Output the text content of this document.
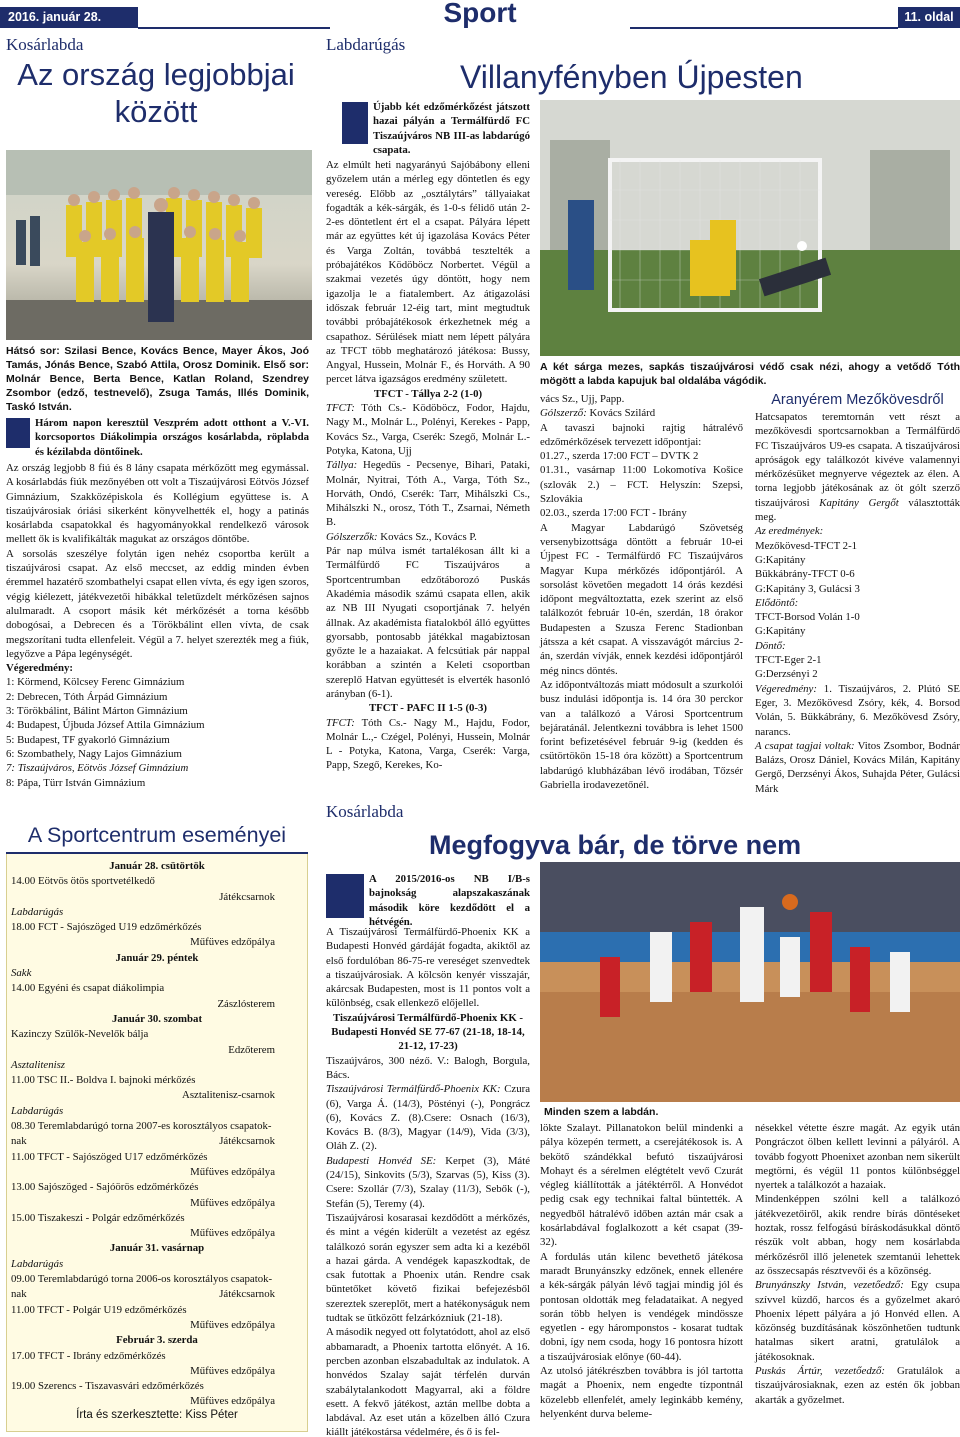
2016. január 28.	Sport	11. oldal
Kosárlabda
Az ország legjobbjai
között
Hátsó sor: Szilasi Bence, Kovács Bence, Mayer Ákos, Joó Tamás, Jónás Bence, Szabó Attila, Orosz Dominik. Első sor: Molnár Bence, Berta Bence, Katlan Roland, Szendrey Zsombor (edző, testnevelő), Zsuga Tamás, Illés Dominik, Taskó István.
Három napon keresztül Veszprém adott otthont a V.-VI. korcsoportos Diákolimpia országos kosárlabda, röplabda és kézilabda döntőinek.

Az ország legjobb 8 fiú és 8 lány csapata mérkőzött meg egymással. A kosárlabdás fiúk mezőnyében ott volt a Tiszaújvárosi Eötvös József Gimnázium, Szakközépiskola és Kollégium együttese is. A tiszaújvárosiak óriási sikerként könyvelhették el, hogy a patinás kosárlabda csapatokkal és hagyományokkal rendelkező városok mellett ők is kvalifikálták magukat az országos döntőbe.

A sorsolás szeszélye folytán igen nehéz csoportba került a tiszaújvárosi csapat. Az első meccset, az eddig minden évben éremmel hazatérő szombathelyi csapat ellen vívta, és egy igen szoros, végig kiélezett, játékvezetői hibákkal teletűzdelt mérkőzésen sajnos alulmaradt. A csoport másik két mérkőzését a torna később dobogósai, a Debrecen és a Törökbálint ellen vívta, de csak megszorítani tudta ellenfeleit. Végül a 7. helyet szerezték meg a fiúk, legyőzve a Pápa legénységét.

Végeredmény:

1: Körmend, Kölcsey Ferenc Gimnázium

2: Debrecen, Tóth Árpád Gimnázium

3: Törökbálint, Bálint Márton Gimnázium

4: Budapest, Újbuda József Attila Gimnázium

5: Budapest, TF gyakorló Gimnázium

6: Szombathely, Nagy Lajos Gimnázium

7: Tiszaújváros, Eötvös József Gimnázium

8: Pápa, Türr István Gimnázium

A Sportcentrum eseményei
Január 28. csütörtök
14.00 Eötvös ötös sportvetélkedő
Játékcsarnok
Labdarúgás
18.00 FCT - Sajószöged U19 edzőmérkőzés
Műfüves edzőpálya
Január 29. péntek
Sakk
14.00 Egyéni és csapat diákolimpia
Zászlósterem
Január 30. szombat
Kazinczy Szülők-Nevelők bálja
Edzőterem
Asztalitenisz
11.00 TSC II.- Boldva I. bajnoki mérkőzés
Asztalitenisz-csarnok
Labdarúgás
08.30 Teremlabdarúgó torna 2007-es korosztályos csapatok-
nak	Játékcsarnok
11.00 TFCT - Sajószöged U17 edzőmérkőzés
Műfüves edzőpálya
13.00 Sajószöged - Sajóörös edzőmérkőzés
Műfüves edzőpálya
15.00 Tiszakeszi - Polgár edzőmérkőzés
Műfüves edzőpálya
Január 31. vasárnap
Labdarúgás
09.00 Teremlabdarúgó torna 2006-os korosztályos csapatok-
nak	Játékcsarnok
11.00 TFCT - Polgár U19 edzőmérkőzés
Műfüves edzőpálya
Február 3. szerda
17.00 TFCT - Ibrány edzőmérkőzés
Műfüves edzőpálya
19.00 Szerencs - Tiszavasvári edzőmérkőzés
Műfüves edzőpálya
Írta és szerkesztette: Kiss Péter
Labdarúgás
Villanyfényben Újpesten
Újabb két edzőmérkőzést játszott hazai pályán a Termálfürdő FC Tiszaújváros NB III-as labdarúgó csapata.

Az elmúlt heti nagyarányú Sajóbábony elleni győzelem után a mérleg egy döntetlen és egy vereség. Előbb az „osztálytárs” tállyaiakat fogadták a kék-sárgák, és 1-0-s félidő után 2-2-es döntetlent ért el a csapat. Pályára lépett már az együttes két új igazolása Kovács Péter és Varga Zoltán, továbbá tesztelték a próbajátékos Ködöböcz Norbertet. Végül a szakmai vezetés úgy döntött, hogy nem igazolja le a fiatalembert. Az átigazolási időszak február 12-éig tart, mint megtudtuk további próbajátékosok érkezhetnek még a csapathoz. Sérülések miatt nem lépett pályára az TFCT több meghatározó játékosa: Bussy, Angyal, Hussein, Molnár F., és Horváth. A 90 percet látva igazságos eredmény született.

TFCT - Tállya 2-2 (1-0)

TFCT: Tóth Cs.- Ködöböcz, Fodor, Hajdu, Nagy M., Molnár L., Polényi, Kerekes - Papp, Kovács Sz., Varga, Cserék: Szegő, Molnár L.- Potyka, Katona, Ujj

Tállya: Hegedüs - Pecsenye, Bihari, Pataki, Molnár, Nyitrai, Tóth A., Varga, Tóth Sz., Horváth, Ondó, Cserék: Tarr, Mihálszki Cs., Mihálszki N., orosz, Tóth T., Zsarnai, Németh B.

Gólszerzők: Kovács Sz., Kovács P.

Pár nap múlva ismét tartalékosan állt ki a Termálfürdő FC Tiszaújváros a Sportcentrumban edzőtáborozó Puskás Akadémia második számú csapata ellen, akik az NB III Nyugati csoportjának 7. helyén állnak. Az akadémista fiatalokból álló együttes gyorsabb, pontosabb játékkal magabiztosan győzte le a hazaiakat. A felcsútiak pár nappal korábban a szintén a Keleti csoportban szereplő Hatvan együttesét is elverték hasonló arányban (6-1).

TFCT - PAFC II 1-5 (0-3)

TFCT: Tóth Cs.- Nagy M., Hajdu, Fodor, Molnár L.,- Czégel, Polényi, Hussein, Molnár L - Potyka, Katona, Varga, Cserék: Varga, Papp, Szegő, Kerekes, Ko-

A két sárga mezes, sapkás tiszaújvárosi védő csak nézi, ahogy a vetődő Tóth mögött a labda kapujuk bal oldalába vágódik.

vács Sz., Ujj, Papp.

Gólszerző: Kovács Szilárd

A tavaszi bajnoki rajtig hátralévő edzőmérkőzések tervezett időpontjai:

01.27., szerda 17:00 FCT – DVTK 2

01.31., vasárnap 11:00 Lokomotíva Košice (szlovák 2.) – FCT. Helyszín: Szepsi, Szlovákia

02.03., szerda 17:00 FCT - Ibrány

A Magyar Labdarúgó Szövetség versenybizottsága döntött a február 10-ei Újpest FC - Termálfürdő FC Tiszaújváros Magyar Kupa mérkőzés időpontjáról. A sorsolást követően megadott 14 órás kezdési időpont megváltoztatta, ezek szerint az első találkozót február 10-én, szerdán, 18 órakor Budapesten a Szusza Ferenc Stadionban játssza a két csapat. A visszavágót március 2-án, szerdán vívják, ennek kezdési időpontjáról még nincs döntés.

Az időpontváltozás miatt módosult a szurkolói busz indulási időpontja is. 14 óra 30 perckor van a találkozó a Városi Sportcentrum bejáratánál. Jelentkezni továbbra is lehet 1500 forint befizetésével február 9-ig (kedden és csütörtökön 15-18 óra között) a Sportcentrum labdarúgó klubházában lévő irodában, Tőzsér Gabriella irodavezetőnél.

Aranyérem Mezőkövesdről

Hatcsapatos teremtornán vett részt a mezőkövesdi sportcsarnokban a Termálfürdő FC Tiszaújváros U9-es csapata. A tiszaújvárosi apróságok egy találkozót kivéve valamennyi mérkőzésüket megnyerve végeztek az élen. A torna legjobb játékosának az öt gólt szerző tiszaújvárosi Kapitány Gergőt választották meg.

Az eredmények:

Mezőkövesd-TFCT 2-1

G:Kapitány

Bükkábrány-TFCT 0-6

G:Kapitány 3, Gulácsi 3

Elődöntő:

TFCT-Borsod Volán 1-0

G:Kapitány

Döntő:

TFCT-Eger 2-1

G:Derzsényi 2

Végeredmény: 1. Tiszaújváros, 2. Plútó SE Eger, 3. Mezőkövesd Zsóry, kék, 4. Borsod Volán, 5. Bükkábrány, 6. Mezőkövesd Zsóry, narancs.

A csapat tagjai voltak: Vitos Zsombor, Bodnár Balázs, Orosz Dániel, Kovács Milán, Kapitány Gergő, Derzsényi Ákos, Suhajda Péter, Gulácsi Márk

Kosárlabda
Megfogyva bár, de törve nem
A 2015/2016-os NB I/B-s bajnokság alapszakaszának második köre kezdődött el a hétvégén.

A Tiszaújvárosi Termálfürdő-Phoenix KK a Budapesti Honvéd gárdáját fogadta, akiktől az első fordulóban 86-75-re vereséget szenvedtek a tiszaújvárosiak. A kölcsön kenyér visszajár, akárcsak Budapesten, most is 11 pontos volt a különbség, csak ellenkező előjellel.

Tiszaújvárosi Termálfürdő-Phoenix KK - Budapesti Honvéd SE 77-67 (21-18, 18-14, 21-12, 17-23)

Tiszaújváros, 300 néző. V.: Balogh, Borgula, Bács.

Tiszaújvárosi Termálfürdő-Phoenix KK: Czura (6), Varga Á. (14/3), Pöstényi (-), Pongrácz (6), Kovács Z. (8).Csere: Osnach (16/3), Kovács B. (8/3), Magyar (14/9), Vida (3/3), Oláh Z. (2).

Budapesti Honvéd SE: Kerpet (3), Máté (24/15), Sinkovits (5/3), Szarvas (5), Kiss (3). Csere: Szollár (7/3), Szalay (11/3), Sebők (-), Stefán (5), Teremy (4).

Tiszaújvárosi kosarasai kezdődött a mérkőzés, és mint a végén kiderült a vezetést az egész találkozó során egyszer sem adta ki a kezéből a hazai gárda. A vendégek kapaszkodtak, de csak futottak a Phoenix után. Rendre csak büntetőket követő fizikai befejezésből szereztek szereplőt, mert a hatékonyságuk nem tudtak se ütközött felzárkózniuk (21-18).

A második negyed ott folytatódott, ahol az első abbamaradt, a Phoenix tartotta előnyét. A 16. percben azonban elszabadultak az indulatok. A honvédos Szalay saját térfelén durván szabálytalankodott Magyarral, aki a földre esett. A fekvő játékost, aztán mellbe dobta a labdával. Az eset után a közelben álló Czura kiállt játékostársa védelmére, és ő is fel-

Minden szem a labdán.

lökte Szalayt. Pillanatokon belül mindenki a pálya közepén termett, a cserejátékosok is. A bekötő szándékkal befutó tiszaújvárosi Mohayt és a sérelmen elégtételt vevő Czurát végleg kiállították a játéktérről. A Honvédot pedig csak egy technikai faltal büntették. A negyedből hátralévő időben aztán már csak a kosárlabdával foglalkozott a két csapat (39-32).

A fordulás után kilenc bevethető játékosa maradt Brunyánszky edzőnek, ennek ellenére a kék-sárgák pályán lévő tagjai mindig jól és pontosan oldották meg feladataikat. A negyed során több helyen is vendégek mindössze egyetlen - egy háromponstos - kosarat tudtak dobni, így nem csoda, hogy 16 pontosra hízott a tiszaújvárosiak előnye (60-44).

Az utolsó játékrészben továbbra is jól tartotta magát a Phoenix, nem engedte tízpontnál közelebb ellenfelét, amely leginkább kemény, helyenként durva beleme-

nésekkel vétette észre magát. Az egyik után Pongráczot ölben kellett levinni a pályáról. A tovább fogyott Phoenixet azonban nem sikerült megtörni, és végül 11 pontos különbséggel nyertek a találkozót a hazaiak.

Mindenképpen szólni kell a találkozó játékvezetőiről, akik rendre bírás döntéseket hoztak, rossz felfogású bíráskodásukkal döntő részük volt abban, hogy nem kosárlabda mérkőzésről illő jelenetek szemtanúi lehettek az összecsapás résztvevői és a közönség.

Brunyánszky István, vezetőedző: Egy csupa szívvel küzdő, harcos és a győzelmet akaró Phoenix lépett pályára a jó Honvéd ellen. A közönség buzdításának köszönhetően tudtunk hatalmas sikert aratni, gratulálok a játékosoknak.

Puskás Ártúr, vezetőedző: Gratulálok a tiszaújvárosiaknak, ezen az estén ők jobban akarták a győzelmet.
